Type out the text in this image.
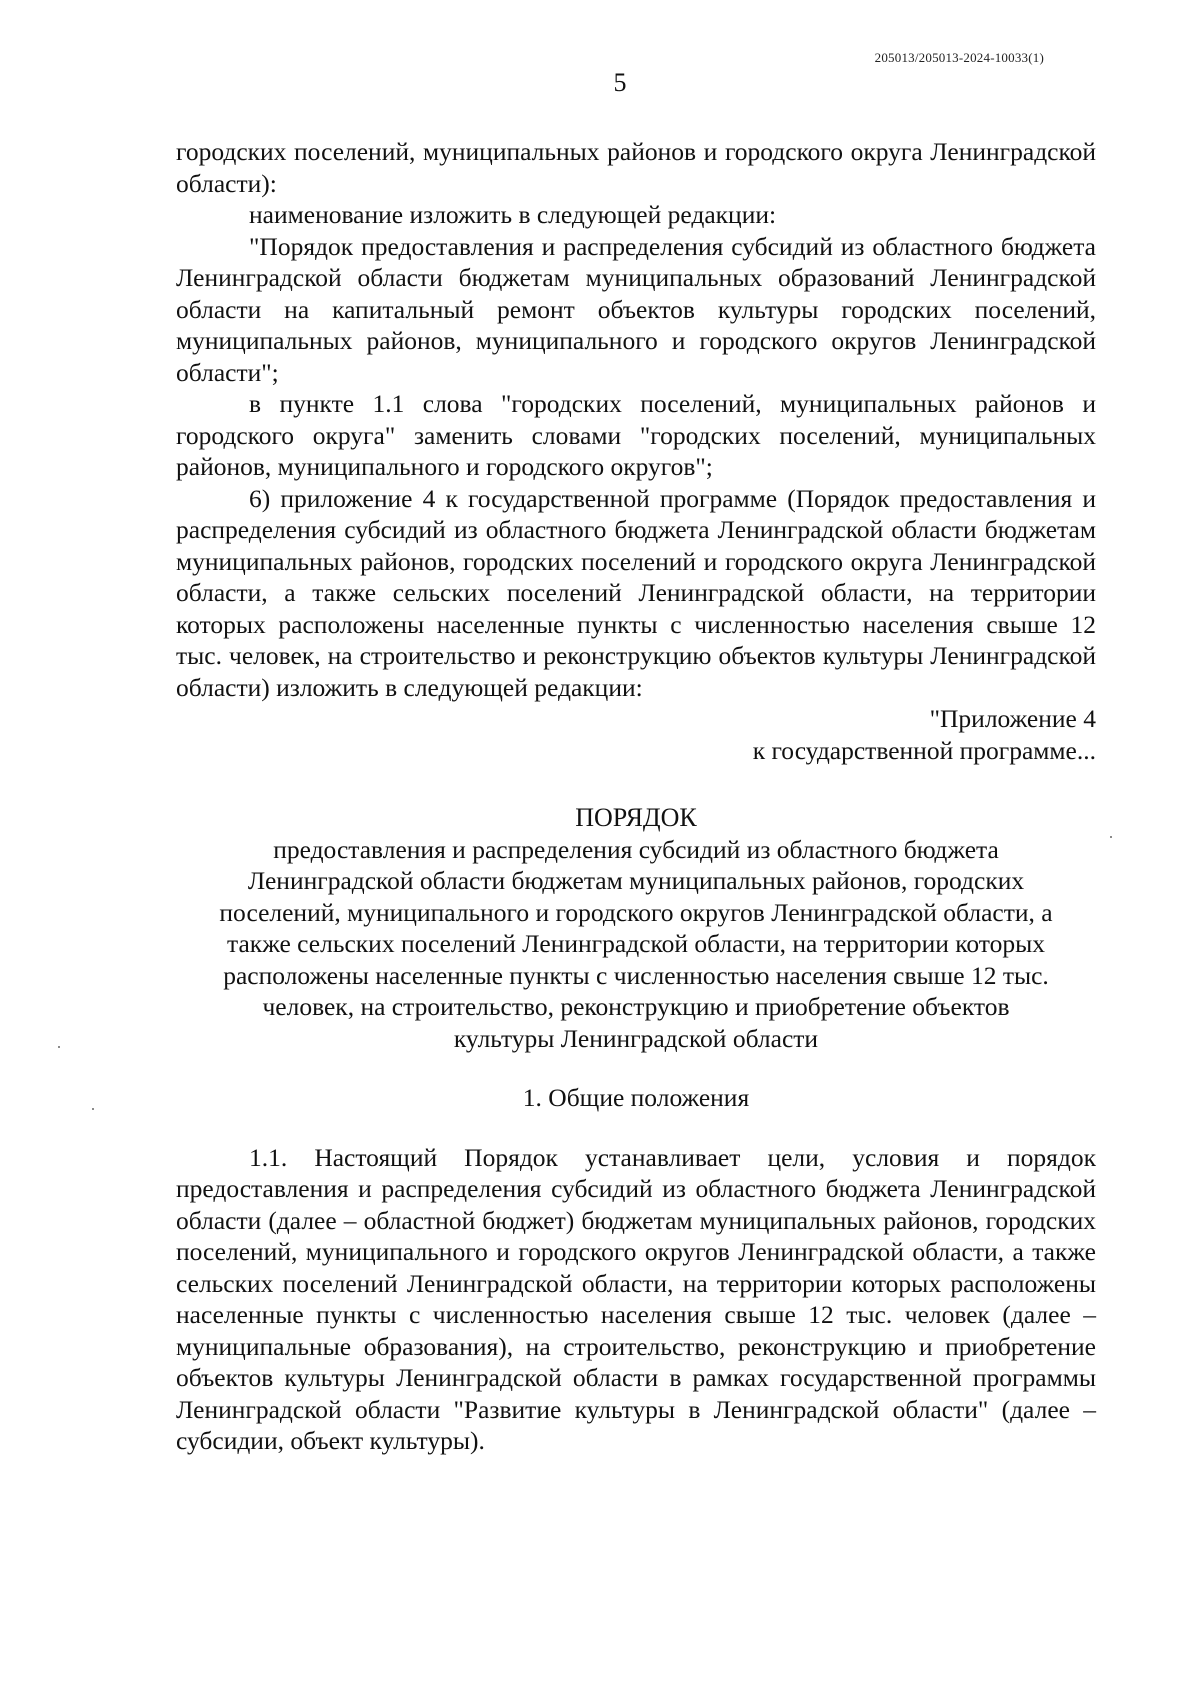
205013/205013-2024-10033(1)
5

городских поселений, муниципальных районов и городского округа Ленинградской области):

наименование изложить в следующей редакции:

"Порядок предоставления и распределения субсидий из областного бюджета Ленинградской области бюджетам муниципальных образований Ленинградской области на капитальный ремонт объектов культуры городских поселений, муниципальных районов, муниципального и городского округов Ленинградской области";

в пункте 1.1 слова "городских поселений, муниципальных районов и городского округа" заменить словами "городских поселений, муниципальных районов, муниципального и городского округов";

6) приложение 4 к государственной программе (Порядок предоставления и распределения субсидий из областного бюджета Ленинградской области бюджетам муниципальных районов, городских поселений и городского округа Ленинградской области, а также сельских поселений Ленинградской области, на территории которых расположены населенные пункты с численностью населения свыше 12 тыс. человек, на строительство и реконструкцию объектов культуры Ленинградской области) изложить в следующей редакции:

"Приложение 4

к государственной программе...

ПОРЯДОК

предоставления и распределения субсидий из областного бюджета Ленинградской области бюджетам муниципальных районов, городских поселений, муниципального и городского округов Ленинградской области, а также сельских поселений Ленинградской области, на территории которых расположены населенные пункты с численностью населения свыше 12 тыс. человек, на строительство, реконструкцию и приобретение объектов культуры Ленинградской области

1. Общие положения

1.1. Настоящий Порядок устанавливает цели, условия и порядок предоставления и распределения субсидий из областного бюджета Ленинградской области (далее – областной бюджет) бюджетам муниципальных районов, городских поселений, муниципального и городского округов Ленинградской области, а также сельских поселений Ленинградской области, на территории которых расположены населенные пункты с численностью населения свыше 12 тыс. человек (далее – муниципальные образования), на строительство, реконструкцию и приобретение объектов культуры Ленинградской области в рамках государственной программы Ленинградской области "Развитие культуры в Ленинградской области" (далее – субсидии, объект культуры).
